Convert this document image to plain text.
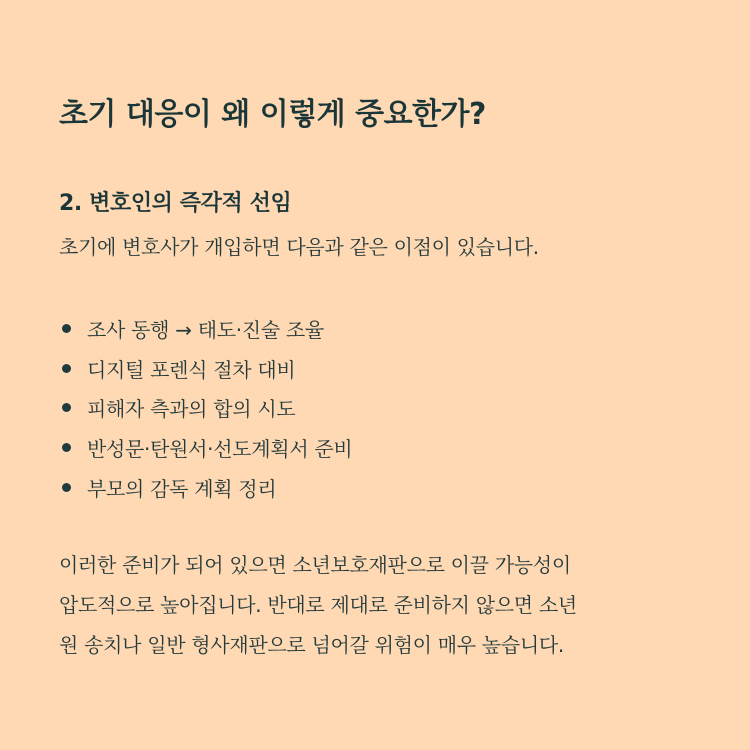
초기 대응이 왜 이렇게 중요한가?
2. 변호인의 즉각적 선임

초기에 변호사가 개입하면 다음과 같은 이점이 있습니다.

조사 동행 → 태도·진술 조율
디지털 포렌식 절차 대비
피해자 측과의 합의 시도
반성문·탄원서·선도계획서 준비
부모의 감독 계획 정리
이러한 준비가 되어 있으면 소년보호재판으로 이끌 가능성이
압도적으로 높아집니다. 반대로 제대로 준비하지 않으면 소년
원 송치나 일반 형사재판으로 넘어갈 위험이 매우 높습니다.
